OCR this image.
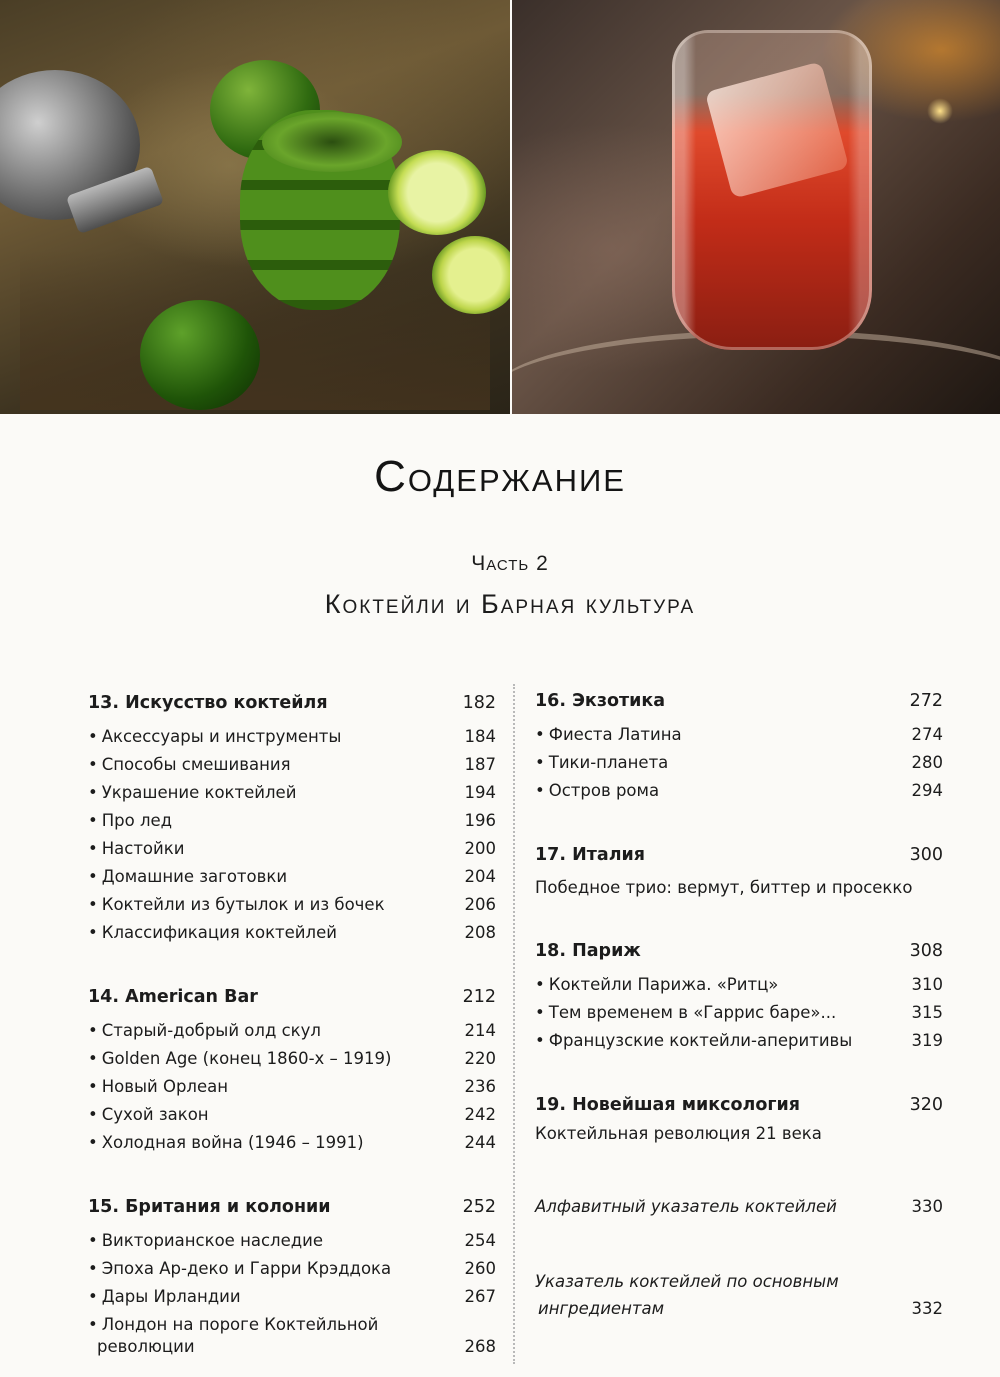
Содержание
Часть 2
Коктейли и Барная культура
13. Искусство коктейля	182
• Аксессуары и инструменты	184
• Способы смешивания	187
• Украшение коктейлей	194
• Про лед	196
• Настойки	200
• Домашние заготовки	204
• Коктейли из бутылок и из бочек	206
• Классификация коктейлей	208
14. American Bar	212
• Старый-добрый олд скул	214
• Golden Age (конец 1860-х – 1919)	220
• Новый Орлеан	236
• Сухой закон	242
• Холодная война (1946 – 1991)	244
15. Британия и колонии	252
• Викторианское наследие	254
• Эпоха Ар-деко и Гарри Крэддока	260
• Дары Ирландии	267
• Лондон на пороге Коктейльной
революции	268
16. Экзотика	272
• Фиеста Латина	274
• Тики-планета	280
• Остров рома	294
17. Италия	300
Победное трио: вермут, биттер и просекко
18. Париж	308
• Коктейли Парижа. «Ритц»	310
• Тем временем в «Гаррис баре»...	315
• Французские коктейли-аперитивы	319
19. Новейшая миксология	320
Коктейльная революция 21 века
Алфавитный указатель коктейлей	330
Указатель коктейлей по основным
ингредиентам	332
